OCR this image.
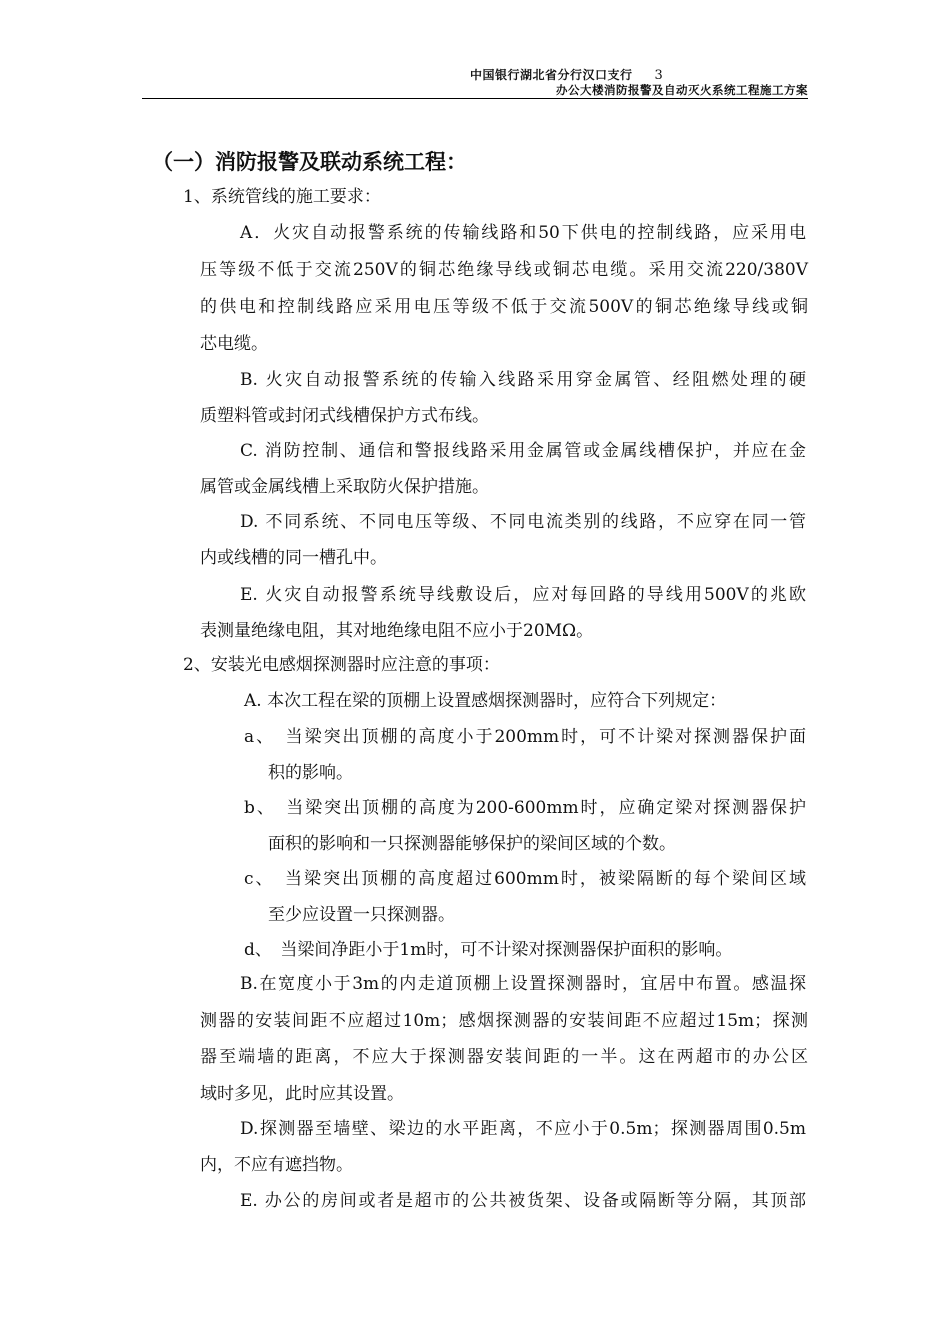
中国银行湖北省分行汉口支行 3
办公大楼消防报警及自动灭火系统工程施工方案
（一）消防报警及联动系统工程：
1、系统管线的施工要求：
A．火灾自动报警系统的传输线路和50下供电的控制线路，应采用电
压等级不低于交流250V的铜芯绝缘导线或铜芯电缆。采用交流220/380V
的供电和控制线路应采用电压等级不低于交流500V的铜芯绝缘导线或铜
芯电缆。
B. 火灾自动报警系统的传输入线路采用穿金属管、经阻燃处理的硬
质塑料管或封闭式线槽保护方式布线。
C. 消防控制、通信和警报线路采用金属管或金属线槽保护，并应在金
属管或金属线槽上采取防火保护措施。
D. 不同系统、不同电压等级、不同电流类别的线路，不应穿在同一管
内或线槽的同一槽孔中。
E. 火灾自动报警系统导线敷设后，应对每回路的导线用500V的兆欧
表测量绝缘电阻，其对地绝缘电阻不应小于20MΩ。
2、安装光电感烟探测器时应注意的事项：
A. 本次工程在梁的顶棚上设置感烟探测器时，应符合下列规定：
a、　当梁突出顶棚的高度小于200mm时，可不计梁对探测器保护面
积的影响。
b、　当梁突出顶棚的高度为200-600mm时，应确定梁对探测器保护
面积的影响和一只探测器能够保护的梁间区域的个数。
c、　当梁突出顶棚的高度超过600mm时，被梁隔断的每个梁间区域
至少应设置一只探测器。
d、　当梁间净距小于1m时，可不计梁对探测器保护面积的影响。
B.在宽度小于3m的内走道顶棚上设置探测器时，宜居中布置。感温探
测器的安装间距不应超过10m；感烟探测器的安装间距不应超过15m；探测
器至端墙的距离，不应大于探测器安装间距的一半。这在两超市的办公区
域时多见，此时应其设置。
D.探测器至墙壁、梁边的水平距离，不应小于0.5m；探测器周围0.5m
内，不应有遮挡物。
E. 办公的房间或者是超市的公共被货架、设备或隔断等分隔，其顶部
